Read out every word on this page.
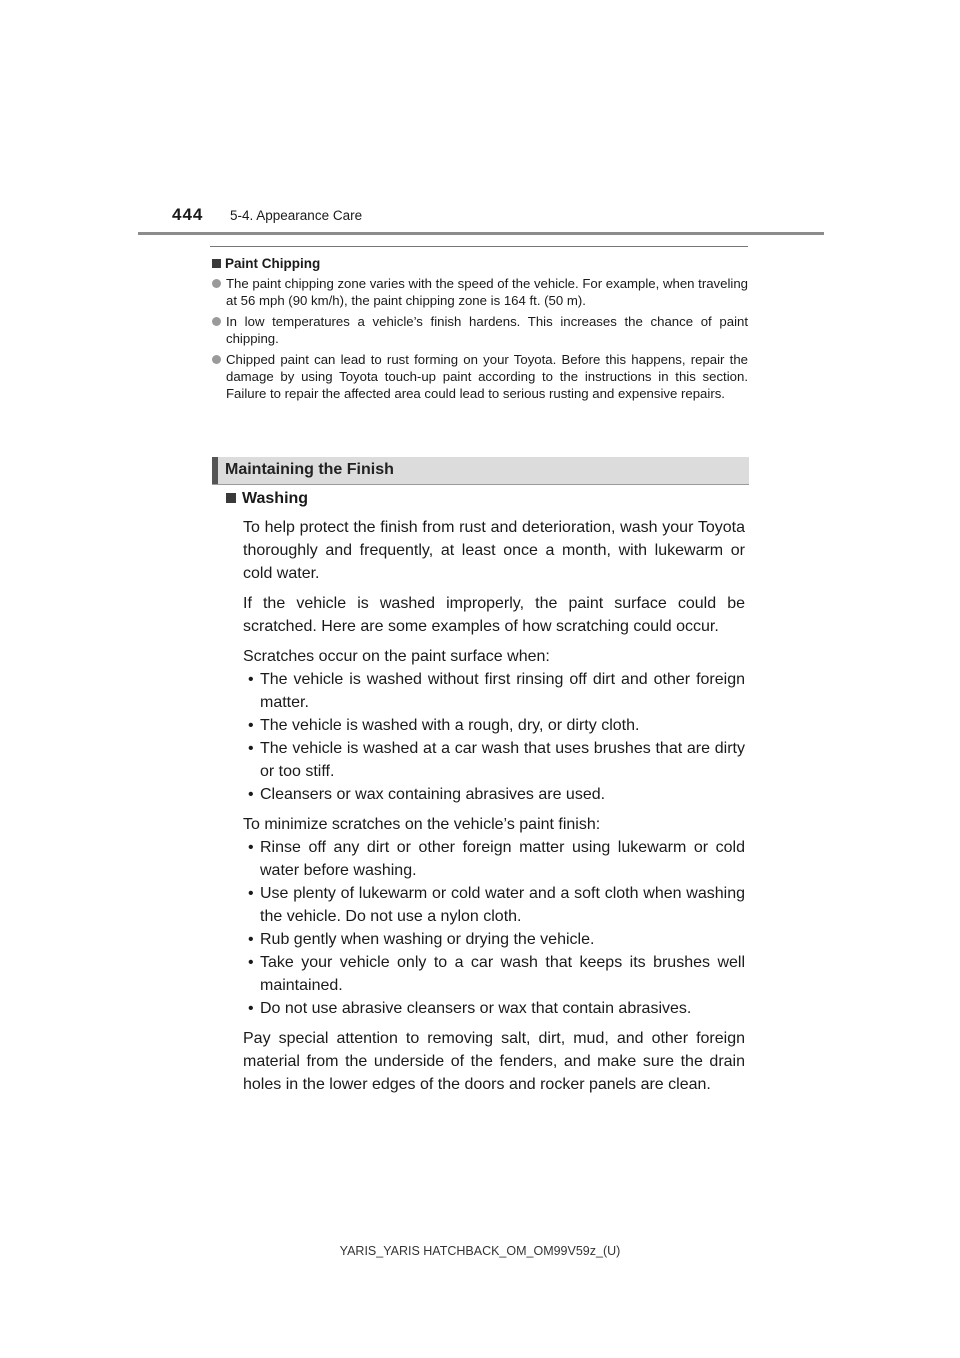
444	5-4. Appearance Care
Paint Chipping
The paint chipping zone varies with the speed of the vehicle. For example, when traveling at 56 mph (90 km/h), the paint chipping zone is 164 ft. (50 m).
In low temperatures a vehicle’s finish hardens. This increases the chance of paint chipping.
Chipped paint can lead to rust forming on your Toyota. Before this happens, repair the damage by using Toyota touch-up paint according to the instructions in this section. Failure to repair the affected area could lead to serious rusting and expensive repairs.
Maintaining the Finish
Washing

To help protect the finish from rust and deterioration, wash your Toyota thoroughly and frequently, at least once a month, with lukewarm or cold water.

If the vehicle is washed improperly, the paint surface could be scratched. Here are some examples of how scratching could occur.

Scratches occur on the paint surface when:

• The vehicle is washed without first rinsing off dirt and other foreign matter.
• The vehicle is washed with a rough, dry, or dirty cloth.
• The vehicle is washed at a car wash that uses brushes that are dirty or too stiff.
• Cleansers or wax containing abrasives are used.

To minimize scratches on the vehicle’s paint finish:

• Rinse off any dirt or other foreign matter using lukewarm or cold water before washing.
• Use plenty of lukewarm or cold water and a soft cloth when washing the vehicle. Do not use a nylon cloth.
• Rub gently when washing or drying the vehicle.
• Take your vehicle only to a car wash that keeps its brushes well maintained.
• Do not use abrasive cleansers or wax that contain abrasives.

Pay special attention to removing salt, dirt, mud, and other foreign material from the underside of the fenders, and make sure the drain holes in the lower edges of the doors and rocker panels are clean.

YARIS_YARIS HATCHBACK_OM_OM99V59z_(U)
